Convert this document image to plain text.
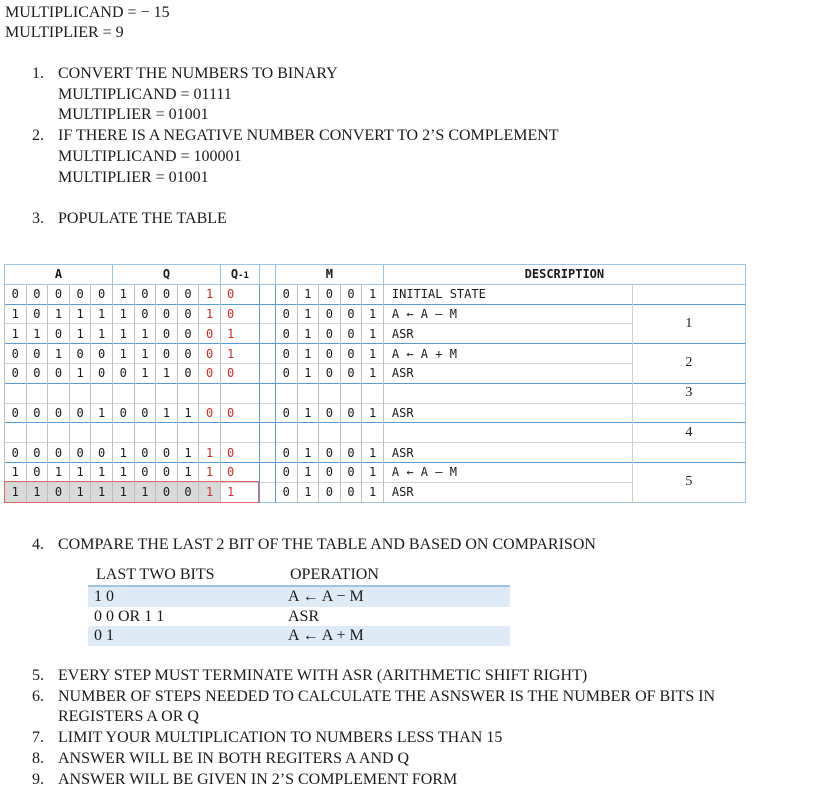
MULTIPLICAND = − 15
MULTIPLIER = 9
1. CONVERT THE NUMBERS TO BINARY
MULTIPLICAND = 01111
MULTIPLIER = 01001
2. IF THERE IS A NEGATIVE NUMBER CONVERT TO 2’S COMPLEMENT
MULTIPLICAND = 100001
MULTIPLIER = 01001
3. POPULATE THE TABLE
A					Q					Q-1		M					DESCRIPTION	
0	0	0	0	0	1	0	0	0	1	0		0	1	0	0	1	INITIAL STATE	
1	0	1	1	1	1	0	0	0	1	0		0	1	0	0	1	A ← A – M	1
1	1	0	1	1	1	1	0	0	0	1		0	1	0	0	1	ASR	
0	0	1	0	0	1	1	0	0	0	1		0	1	0	0	1	A ← A + M	2
0	0	0	1	0	0	1	1	0	0	0		0	1	0	0	1	ASR	
																		3
0	0	0	0	1	0	0	1	1	0	0		0	1	0	0	1	ASR	
																		4
0	0	0	0	0	1	0	0	1	1	0		0	1	0	0	1	ASR	
1	0	1	1	1	1	0	0	1	1	0		0	1	0	0	1	A ← A – M	5
1	1	0	1	1	1	1	0	0	1	1		0	1	0	0	1	ASR	
4. COMPARE THE LAST 2 BIT OF THE TABLE AND BASED ON COMPARISON
LAST TWO BITS	OPERATION
1 0	A ← A − M
0 0 OR 1 1	ASR
0 1	A ← A + M
5. EVERY STEP MUST TERMINATE WITH ASR (ARITHMETIC SHIFT RIGHT)
6. NUMBER OF STEPS NEEDED TO CALCULATE THE ASNSWER IS THE NUMBER OF BITS IN REGISTERS A OR Q
7. LIMIT YOUR MULTIPLICATION TO NUMBERS LESS THAN 15
8. ANSWER WILL BE IN BOTH REGITERS A AND Q
9. ANSWER WILL BE GIVEN IN 2’S COMPLEMENT FORM
